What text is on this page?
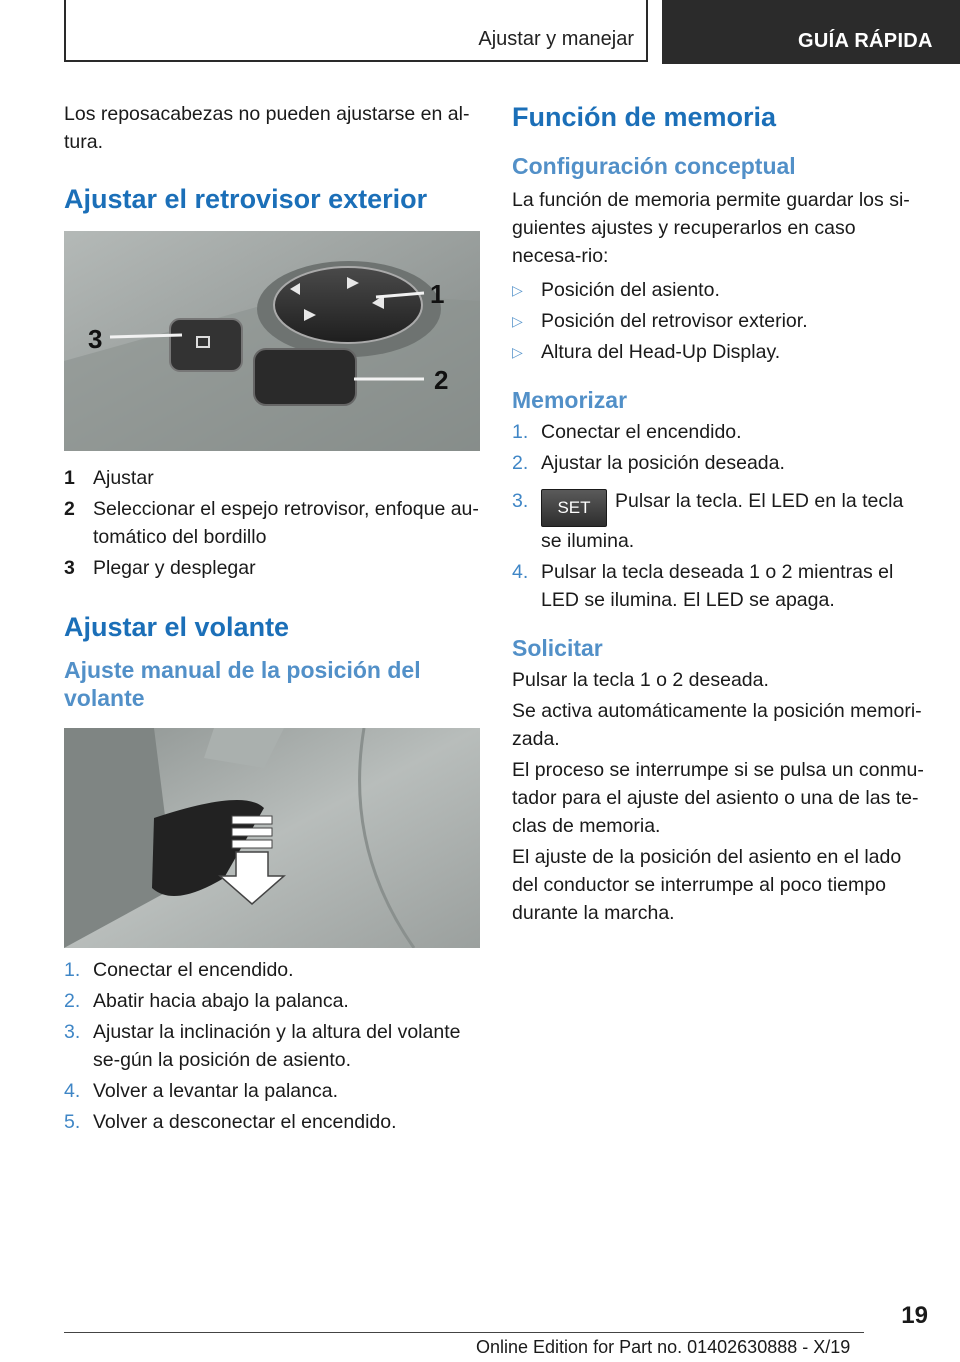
Ajustar y manejar	GUÍA RÁPIDA

Los reposacabezas no pueden ajustarse en al-tura.

Ajustar el retrovisor exterior
1
2
3
1 Ajustar
2 Seleccionar el espejo retrovisor, enfoque au-tomático del bordillo
3 Plegar y desplegar
Ajustar el volante
Ajuste manual de la posición del volante
1. Conectar el encendido.
2. Abatir hacia abajo la palanca.
3. Ajustar la inclinación y la altura del volante se-gún la posición de asiento.
4. Volver a levantar la palanca.
5. Volver a desconectar el encendido.
Función de memoria
Configuración conceptual

La función de memoria permite guardar los si-guientes ajustes y recuperarlos en caso necesa-rio:

▷ Posición del asiento.
▷ Posición del retrovisor exterior.
▷ Altura del Head-Up Display.
Memorizar
1. Conectar el encendido.
2. Ajustar la posición deseada.
3. SET Pulsar la tecla. El LED en la tecla se ilumina.
4. Pulsar la tecla deseada 1 o 2 mientras el LED se ilumina. El LED se apaga.
Solicitar

Pulsar la tecla 1 o 2 deseada.

Se activa automáticamente la posición memori-zada.

El proceso se interrumpe si se pulsa un conmu-tador para el ajuste del asiento o una de las te-clas de memoria.

El ajuste de la posición del asiento en el lado del conductor se interrumpe al poco tiempo durante la marcha.

19
Online Edition for Part no. 01402630888 - X/19
